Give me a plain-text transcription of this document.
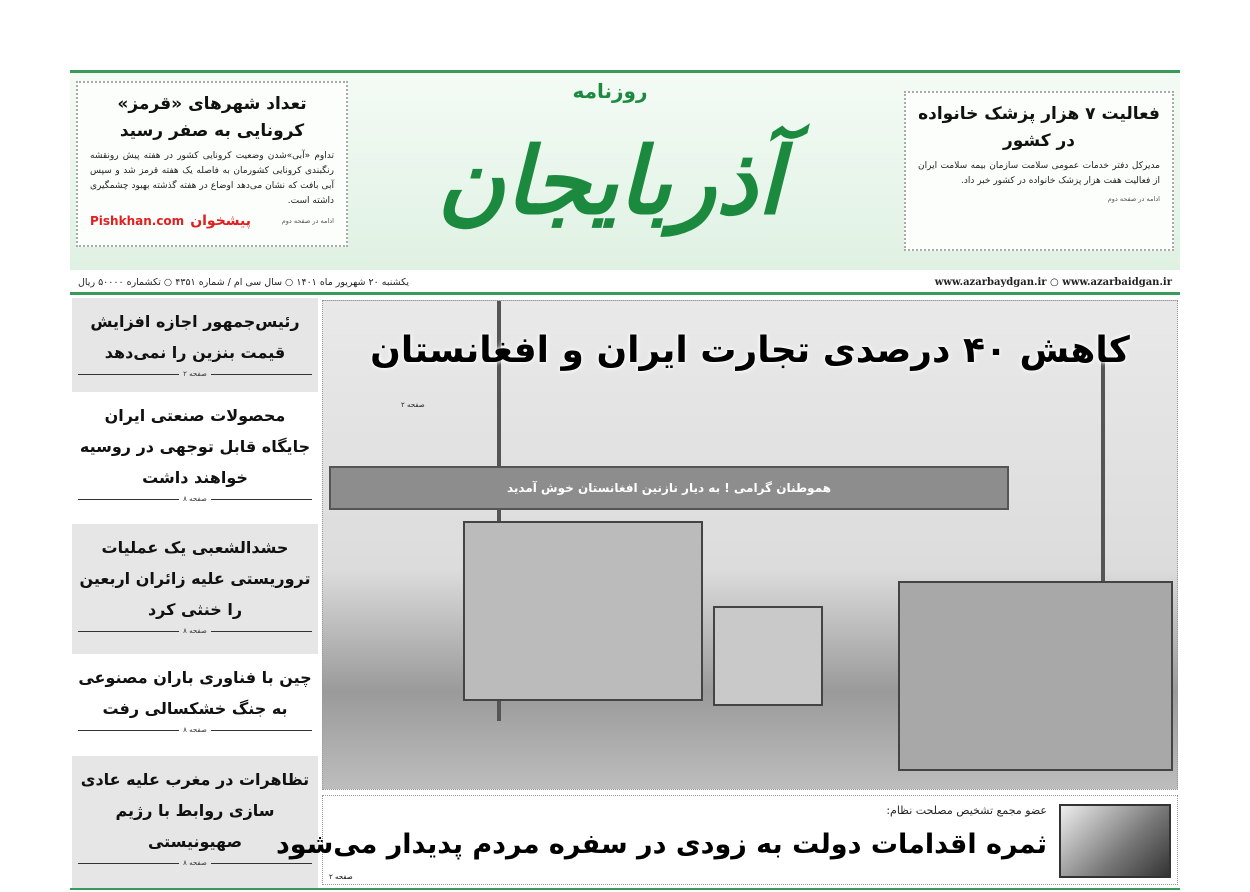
فعالیت ۷ هزار پزشک خانواده در کشور

مدیرکل دفتر خدمات عمومی سلامت سازمان بیمه سلامت ایران از فعالیت هفت هزار پزشک خانواده در کشور خبر داد.

ادامه در صفحه دوم
تعداد شهرهای «قرمز» کرونایی به صفر رسید

تداوم «آبی»شدن وضعیت کرونایی کشور در هفته پیش رونقشه رنگبندی کرونایی کشورمان به فاصله یک هفته قرمز شد و سپس آبی بافت که نشان می‌دهد اوضاع در هفته گذشته بهبود چشمگیری داشته است.

ادامه در صفحه دوم
Pishkhan.com پیشخوان
روزنامه
آذربایجان
www.azarbaydgan.ir ○ www.azarbaidgan.ir
یکشنبه ۲۰ شهریور ماه ۱۴۰۱ ○ سال سی ام / شماره ۴۳۵۱ ○ تکشماره ۵۰۰۰۰ ریال
رئیس‌جمهور اجازه افزایش قیمت بنزین را نمی‌دهد
صفحه ۲
محصولات صنعتی ایران جایگاه قابل توجهی در روسیه خواهند داشت
صفحه ۸
حشدالشعبی یک عملیات تروریستی علیه زائران اربعین را خنثی کرد
صفحه ۸
چین با فناوری باران مصنوعی به جنگ خشکسالی رفت
صفحه ۸
تظاهرات در مغرب علیه عادی سازی روابط با رژیم صهیونیستی
صفحه ۸
هموطنان گرامی ! به دیار نازنین افغانستان خوش آمدید
کاهش ۴۰ درصدی تجارت ایران و افغانستان
صفحه ۲
عضو مجمع تشخیص مصلحت نظام:
ثمره اقدامات دولت به زودی در سفره مردم پدیدار می‌شود
صفحه ۲
